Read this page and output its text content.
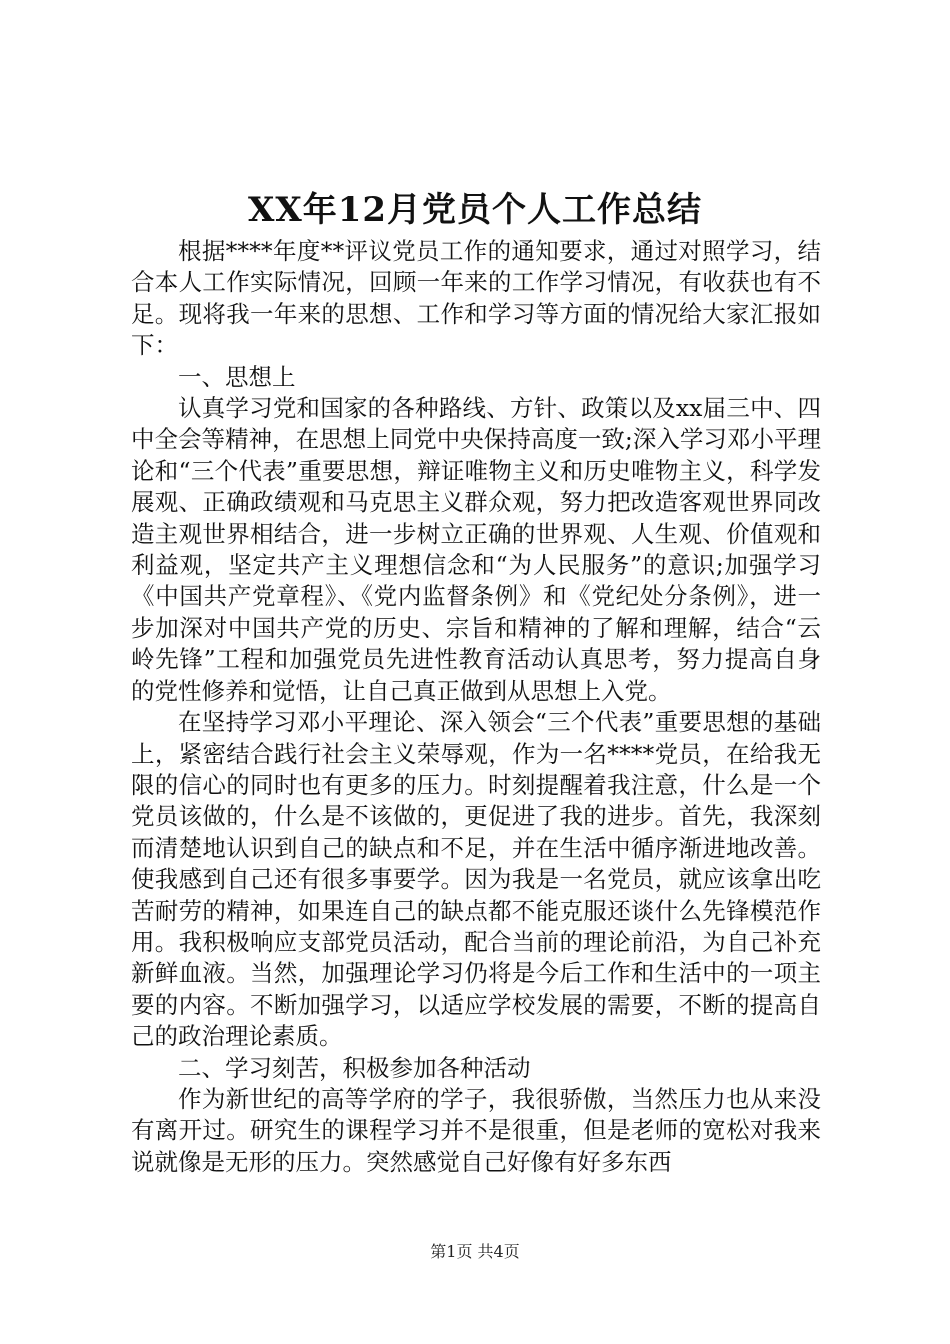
XX年12月党员个人工作总结

根据****年度**评议党员工作的通知要求，通过对照学习，结合本人工作实际情况，回顾一年来的工作学习情况，有收获也有不足。现将我一年来的思想、工作和学习等方面的情况给大家汇报如下：

一、思想上

认真学习党和国家的各种路线、方针、政策以及xx届三中、四中全会等精神，在思想上同党中央保持高度一致;深入学习邓小平理论和“三个代表”重要思想，辩证唯物主义和历史唯物主义，科学发展观、正确政绩观和马克思主义群众观，努力把改造客观世界同改造主观世界相结合，进一步树立正确的世界观、人生观、价值观和利益观，坚定共产主义理想信念和“为人民服务”的意识;加强学习《中国共产党章程》、《党内监督条例》和《党纪处分条例》，进一步加深对中国共产党的历史、宗旨和精神的了解和理解，结合“云岭先锋”工程和加强党员先进性教育活动认真思考，努力提高自身的党性修养和觉悟，让自己真正做到从思想上入党。

在坚持学习邓小平理论、深入领会“三个代表”重要思想的基础上，紧密结合践行社会主义荣辱观，作为一名****党员，在给我无限的信心的同时也有更多的压力。时刻提醒着我注意，什么是一个党员该做的，什么是不该做的，更促进了我的进步。首先，我深刻而清楚地认识到自己的缺点和不足，并在生活中循序渐进地改善。使我感到自己还有很多事要学。因为我是一名党员，就应该拿出吃苦耐劳的精神，如果连自己的缺点都不能克服还谈什么先锋模范作用。我积极响应支部党员活动，配合当前的理论前沿，为自己补充新鲜血液。当然，加强理论学习仍将是今后工作和生活中的一项主要的内容。不断加强学习，以适应学校发展的需要，不断的提高自己的政治理论素质。

二、学习刻苦，积极参加各种活动

作为新世纪的高等学府的学子，我很骄傲，当然压力也从来没有离开过。研究生的课程学习并不是很重，但是老师的宽松对我来说就像是无形的压力。突然感觉自己好像有好多东西

第1页 共4页
